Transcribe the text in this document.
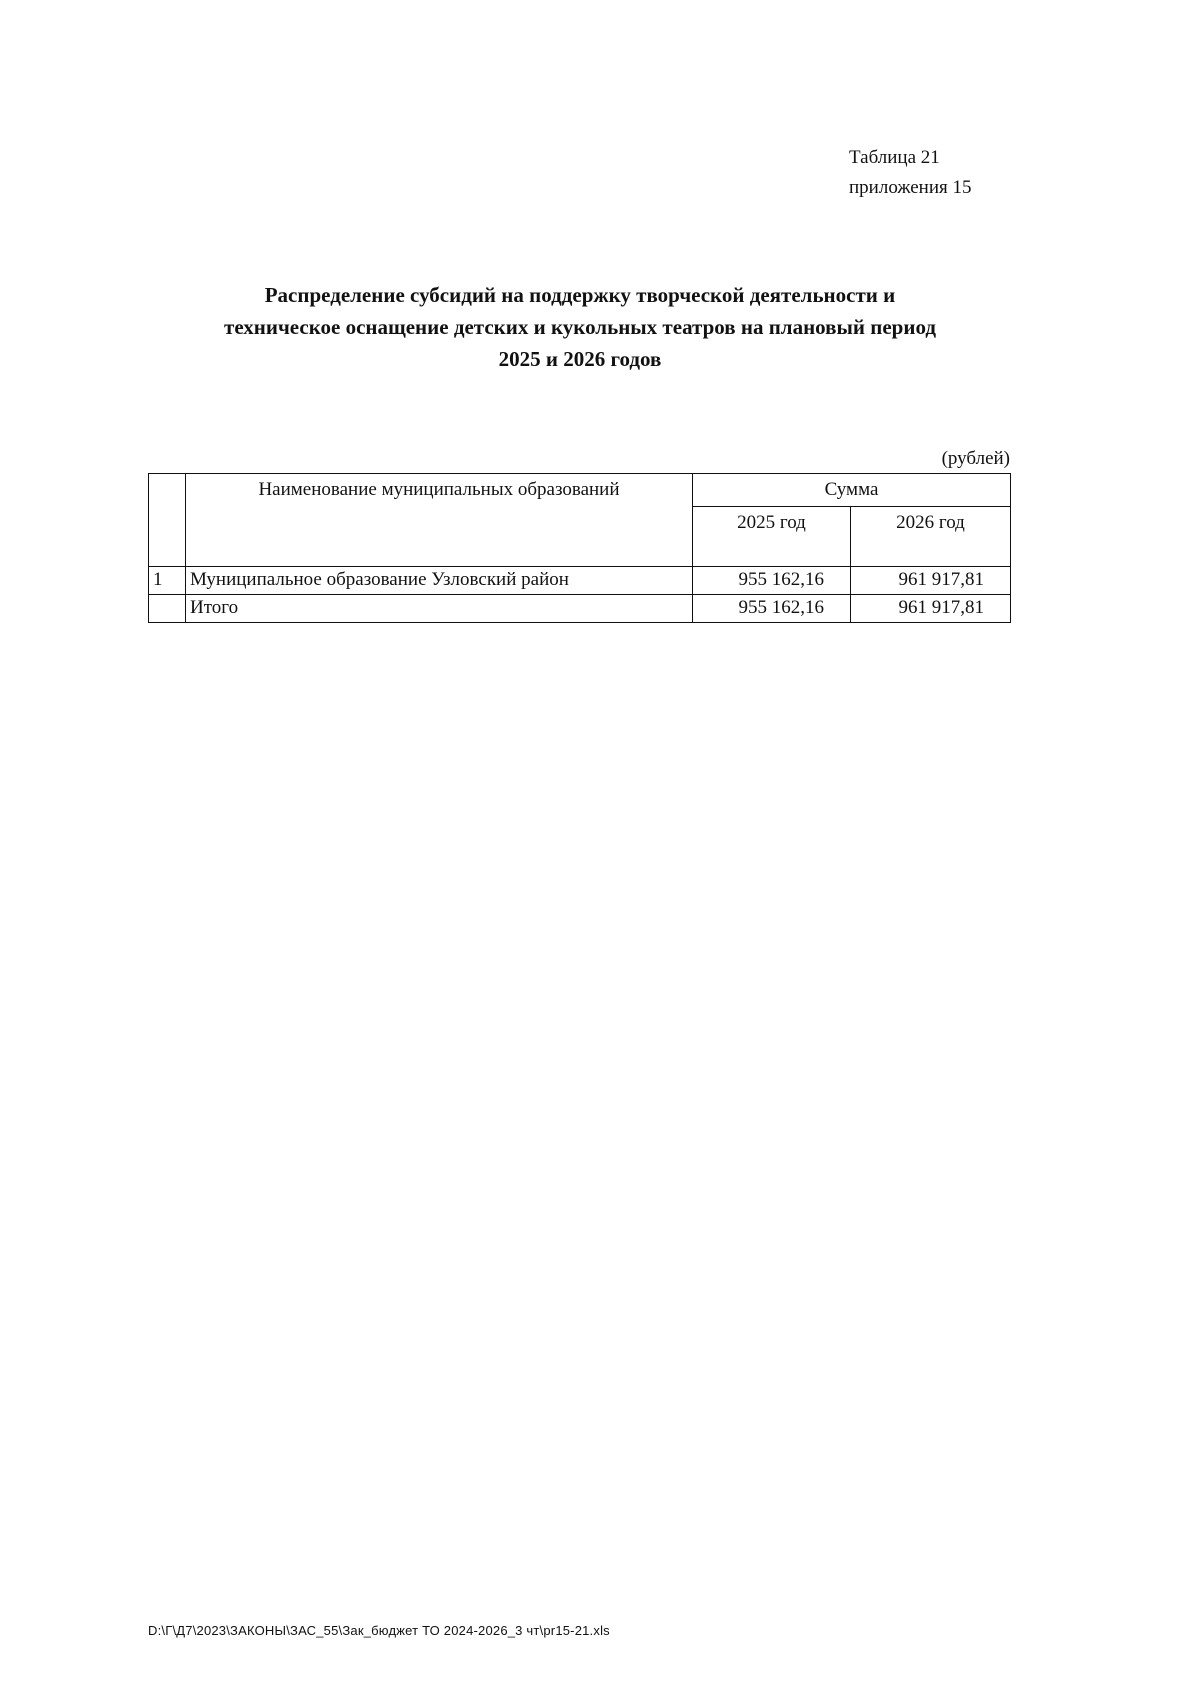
Таблица 21
приложения 15
Распределение субсидий на поддержку творческой деятельности и
техническое оснащение детских и кукольных театров на плановый период
2025 и 2026 годов
(рублей)
	Наименование муниципальных образований	Сумма	
		2025 год	2026 год
1	Муниципальное образование Узловский район	955 162,16	961 917,81
	Итого	955 162,16	961 917,81
D:\Г\Д7\2023\ЗАКОНЫ\ЗАС_55\Зак_бюджет ТО 2024-2026_3 чт\pr15-21.xls
